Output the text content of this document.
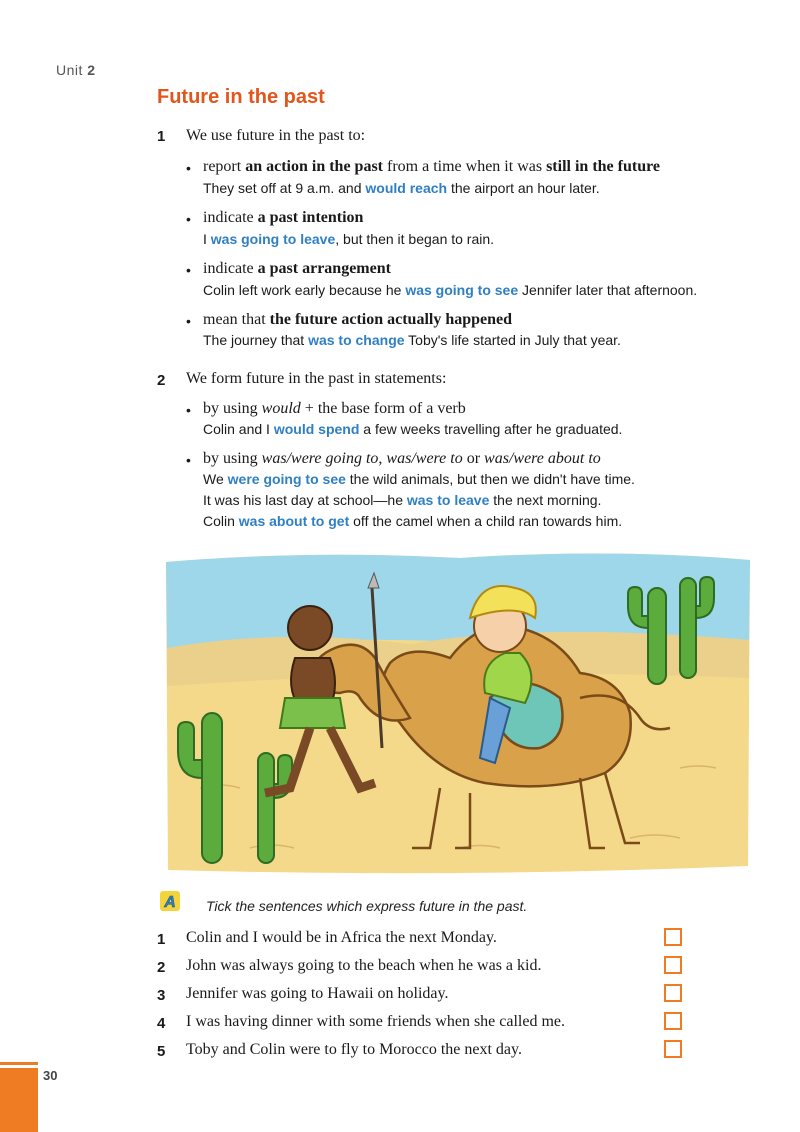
Unit 2
Future in the past
1 We use future in the past to:
• report an action in the past from a time when it was still in the future
They set off at 9 a.m. and would reach the airport an hour later.
• indicate a past intention
I was going to leave, but then it began to rain.
• indicate a past arrangement
Colin left work early because he was going to see Jennifer later that afternoon.
• mean that the future action actually happened
The journey that was to change Toby's life started in July that year.
2 We form future in the past in statements:
• by using would + the base form of a verb
Colin and I would spend a few weeks travelling after he graduated.
• by using was/were going to, was/were to or was/were about to
We were going to see the wild animals, but then we didn't have time.
It was his last day at school—he was to leave the next morning.
Colin was about to get off the camel when a child ran towards him.
A Tick the sentences which express future in the past.
1 Colin and I would be in Africa the next Monday.
2 John was always going to the beach when he was a kid.
3 Jennifer was going to Hawaii on holiday.
4 I was having dinner with some friends when she called me.
5 Toby and Colin were to fly to Morocco the next day.
30
